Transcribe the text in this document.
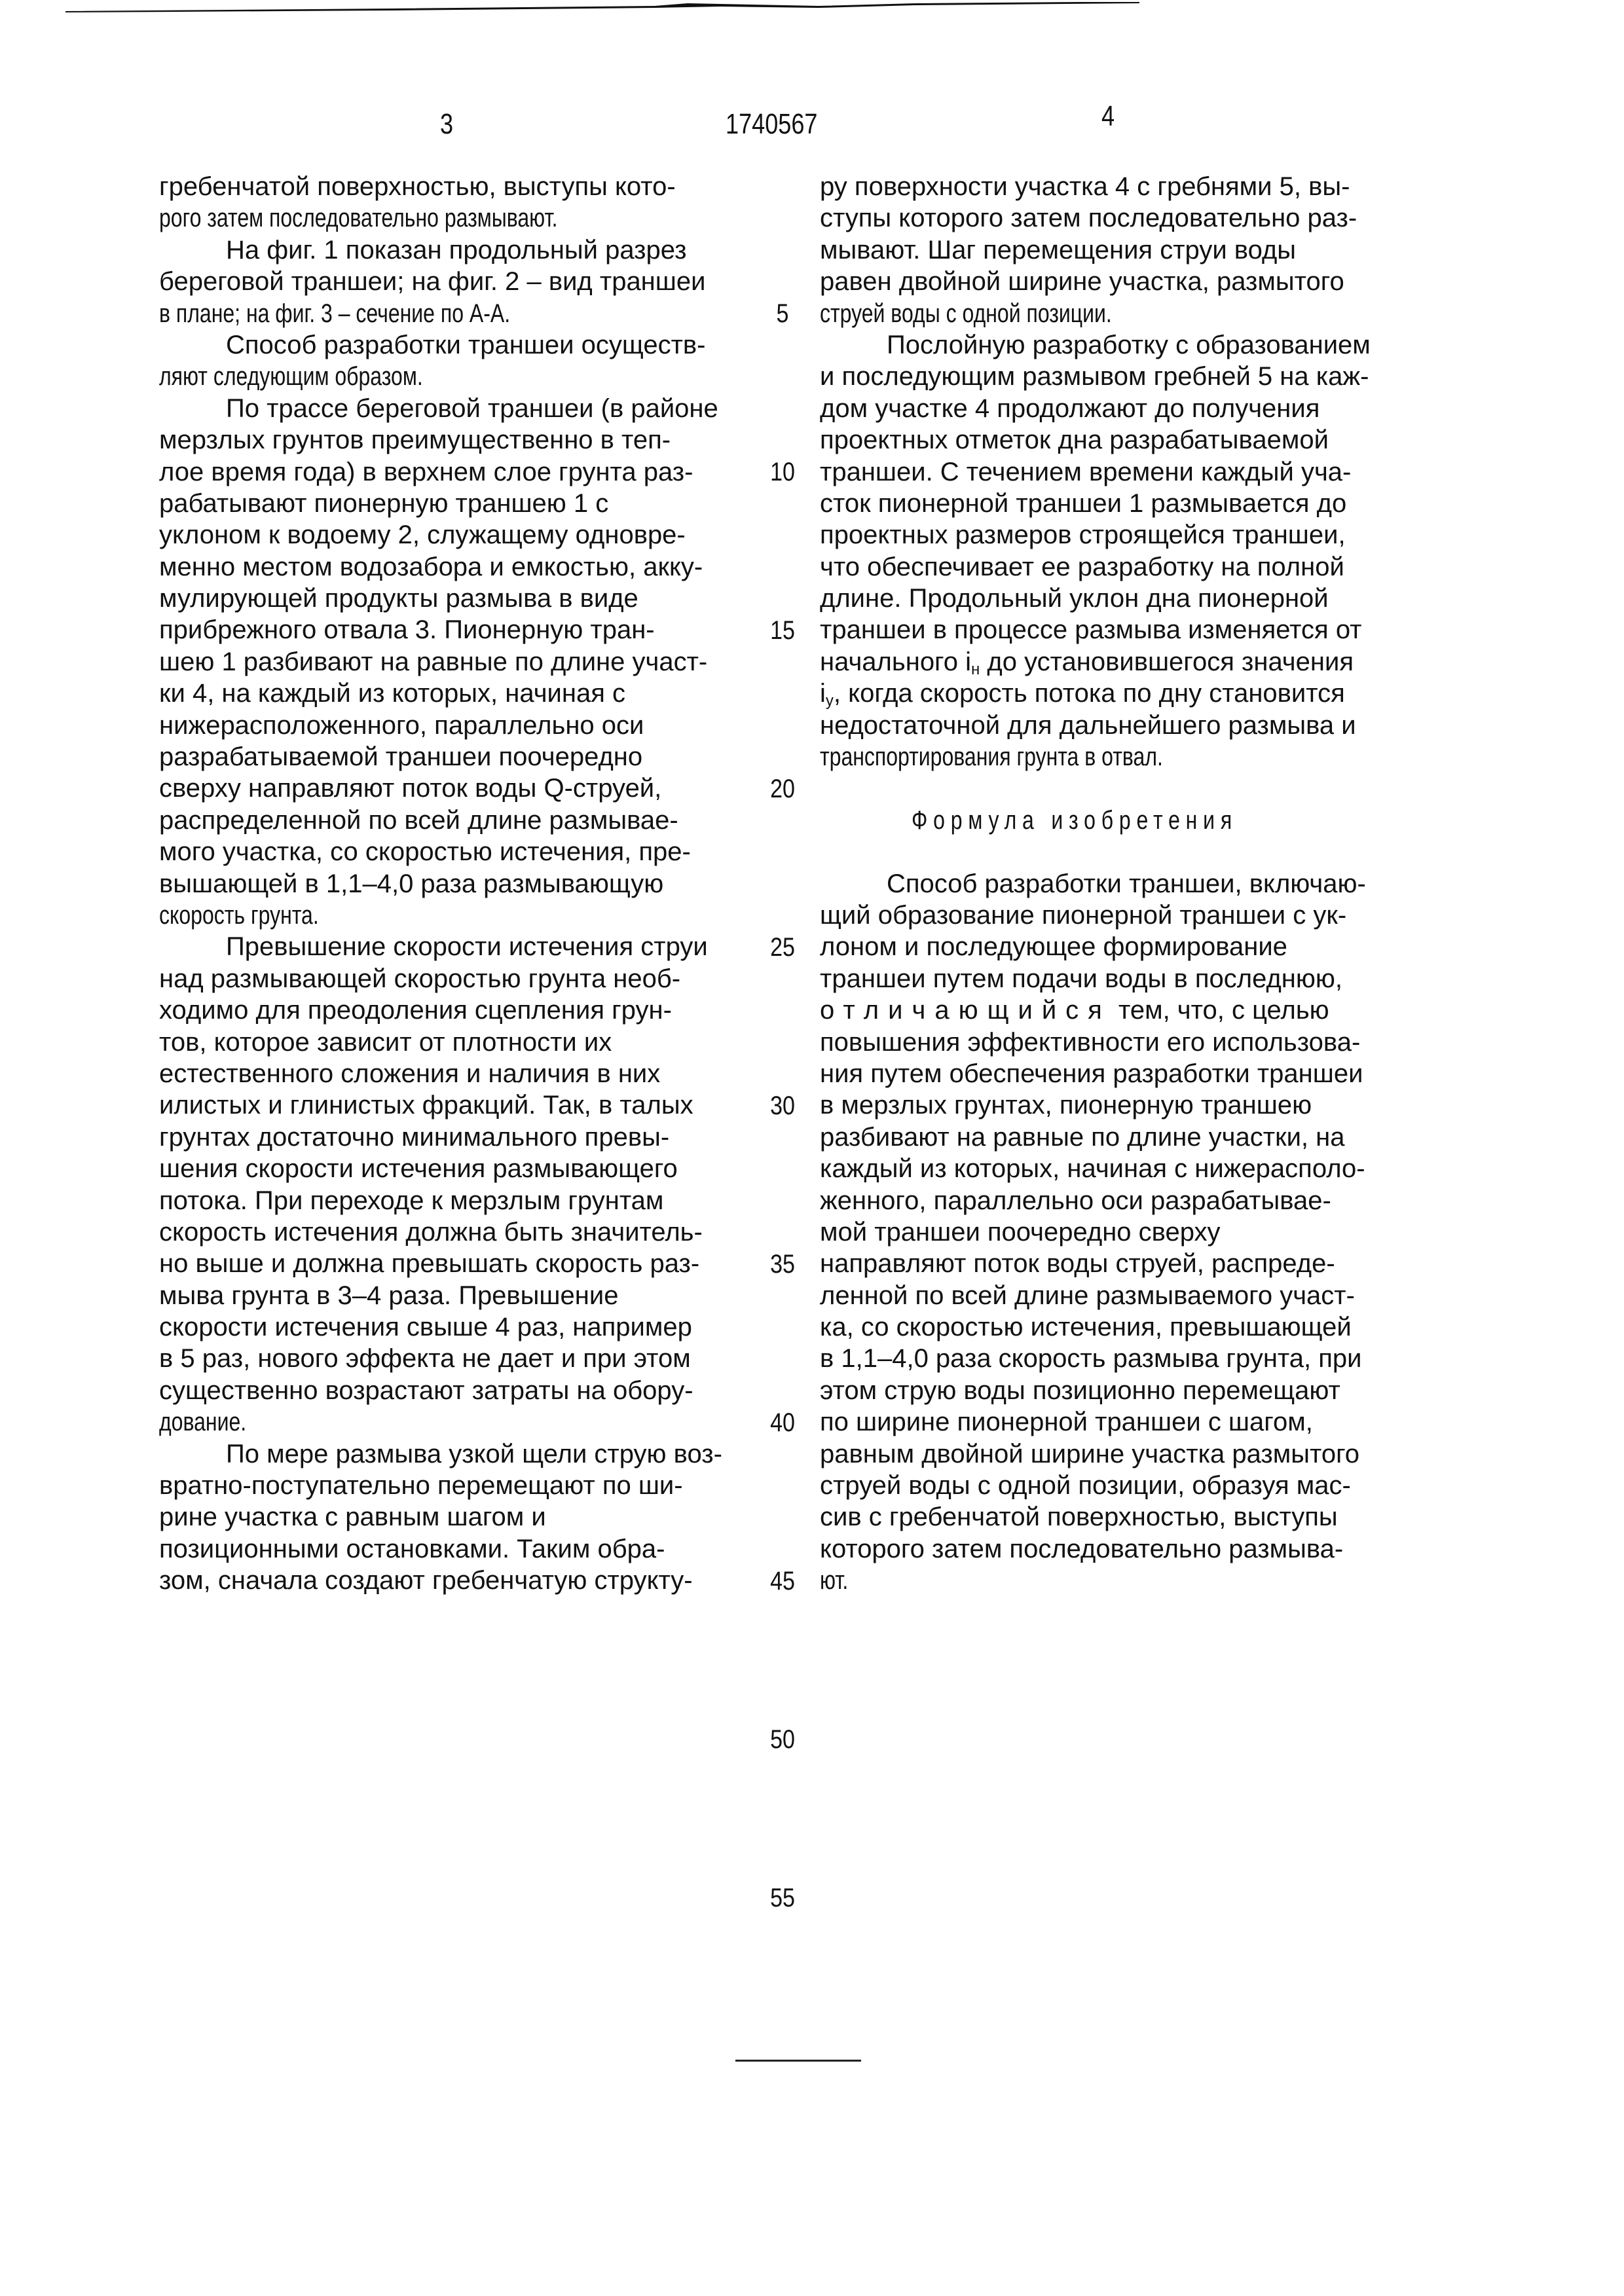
3	1740567	4
гребенчатой поверхностью, выступы кото-
рого затем последовательно размывают.
На фиг. 1 показан продольный разрез
береговой траншеи; на фиг. 2 – вид траншеи
в плане; на фиг. 3 – сечение по А-А.
Способ разработки траншеи осуществ-
ляют следующим образом.
По трассе береговой траншеи (в районе
мерзлых грунтов преимущественно в теп-
лое время года) в верхнем слое грунта раз-
рабатывают пионерную траншею 1 с
уклоном к водоему 2, служащему одновре-
менно местом водозабора и емкостью, акку-
мулирующей продукты размыва в виде
прибрежного отвала 3. Пионерную тран-
шею 1 разбивают на равные по длине участ-
ки 4, на каждый из которых, начиная с
нижерасположенного, параллельно оси
разрабатываемой траншеи поочередно
сверху направляют поток воды Q-струей,
распределенной по всей длине размывае-
мого участка, со скоростью истечения, пре-
вышающей в 1,1–4,0 раза размывающую
скорость грунта.
Превышение скорости истечения струи
над размывающей скоростью грунта необ-
ходимо для преодоления сцепления грун-
тов, которое зависит от плотности их
естественного сложения и наличия в них
илистых и глинистых фракций. Так, в талых
грунтах достаточно минимального превы-
шения скорости истечения размывающего
потока. При переходе к мерзлым грунтам
скорость истечения должна быть значитель-
но выше и должна превышать скорость раз-
мыва грунта в 3–4 раза. Превышение
скорости истечения свыше 4 раз, например
в 5 раз, нового эффекта не дает и при этом
существенно возрастают затраты на обору-
дование.
По мере размыва узкой щели струю воз-
вратно-поступательно перемещают по ши-
рине участка с равным шагом и
позиционными остановками. Таким обра-
зом, сначала создают гребенчатую структу-
ру поверхности участка 4 с гребнями 5, вы-
ступы которого затем последовательно раз-
мывают. Шаг перемещения струи воды
равен двойной ширине участка, размытого
струей воды с одной позиции.
Послойную разработку с образованием
и последующим размывом гребней 5 на каж-
дом участке 4 продолжают до получения
проектных отметок дна разрабатываемой
траншеи. С течением времени каждый уча-
сток пионерной траншеи 1 размывается до
проектных размеров строящейся траншеи,
что обеспечивает ее разработку на полной
длине. Продольный уклон дна пионерной
траншеи в процессе размыва изменяется от
начального iн до установившегося значения
iу, когда скорость потока по дну становится
недостаточной для дальнейшего размыва и
транспортирования грунта в отвал.
Формула изобретения
Способ разработки траншеи, включаю-
щий образование пионерной траншеи с ук-
лоном и последующее формирование
траншеи путем подачи воды в последнюю,
отличающийся тем, что, с целью
повышения эффективности его использова-
ния путем обеспечения разработки траншеи
в мерзлых грунтах, пионерную траншею
разбивают на равные по длине участки, на
каждый из которых, начиная с нижерасполо-
женного, параллельно оси разрабатывае-
мой траншеи поочередно сверху
направляют поток воды струей, распреде-
ленной по всей длине размываемого участ-
ка, со скоростью истечения, превышающей
в 1,1–4,0 раза скорость размыва грунта, при
этом струю воды позиционно перемещают
по ширине пионерной траншеи с шагом,
равным двойной ширине участка размытого
струей воды с одной позиции, образуя мас-
сив с гребенчатой поверхностью, выступы
которого затем последовательно размыва-
ют.
5
10
15
20
25
30
35
40
45
50
55
